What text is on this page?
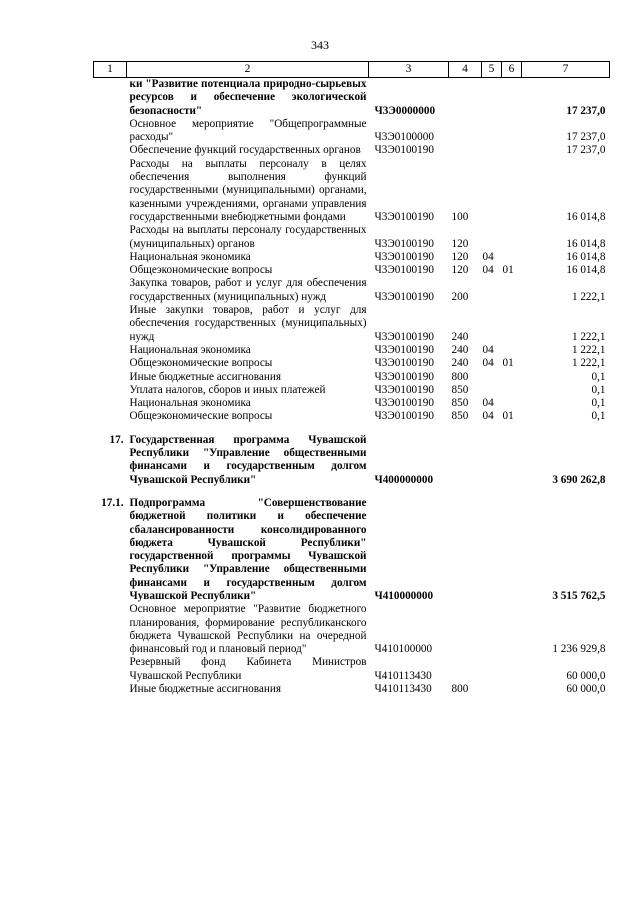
343
1	2	3	4	5	6	7
	ки "Развитие потенциала природно-сырьевых ресурсов и обеспечение экологической безопасности"	Ч3Э0000000				17 237,0
	Основное мероприятие "Общепрограммные расходы"	Ч3Э0100000				17 237,0
	Обеспечение функций государственных органов	Ч3Э0100190				17 237,0
	Расходы на выплаты персоналу в целях обеспечения выполнения функций государственными (муниципальными) органами, казенными учреждениями, органами управления государственными внебюджетными фондами	Ч3Э0100190	100			16 014,8
	Расходы на выплаты персоналу государственных (муниципальных) органов	Ч3Э0100190	120			16 014,8
	Национальная экономика	Ч3Э0100190	120	04		16 014,8
	Общеэкономические вопросы	Ч3Э0100190	120	04	01	16 014,8
	Закупка товаров, работ и услуг для обеспечения государственных (муниципальных) нужд	Ч3Э0100190	200			1 222,1
	Иные закупки товаров, работ и услуг для обеспечения государственных (муниципальных) нужд	Ч3Э0100190	240			1 222,1
	Национальная экономика	Ч3Э0100190	240	04		1 222,1
	Общеэкономические вопросы	Ч3Э0100190	240	04	01	1 222,1
	Иные бюджетные ассигнования	Ч3Э0100190	800			0,1
	Уплата налогов, сборов и иных платежей	Ч3Э0100190	850			0,1
	Национальная экономика	Ч3Э0100190	850	04		0,1
	Общеэкономические вопросы	Ч3Э0100190	850	04	01	0,1
17.	Государственная программа Чувашской Республики "Управление общественными финансами и государственным долгом Чувашской Республики"	Ч400000000				3 690 262,8
17.1.	Подпрограмма "Совершенствование бюджетной политики и обеспечение сбалансированности консолидированного бюджета Чувашской Республики" государственной программы Чувашской Республики "Управление общественными финансами и государственным долгом Чувашской Республики"	Ч410000000				3 515 762,5
	Основное мероприятие "Развитие бюджетного планирования, формирование республиканского бюджета Чувашской Республики на очередной финансовый год и плановый период"	Ч410100000				1 236 929,8
	Резервный фонд Кабинета Министров Чувашской Республики	Ч410113430				60 000,0
	Иные бюджетные ассигнования	Ч410113430	800			60 000,0
